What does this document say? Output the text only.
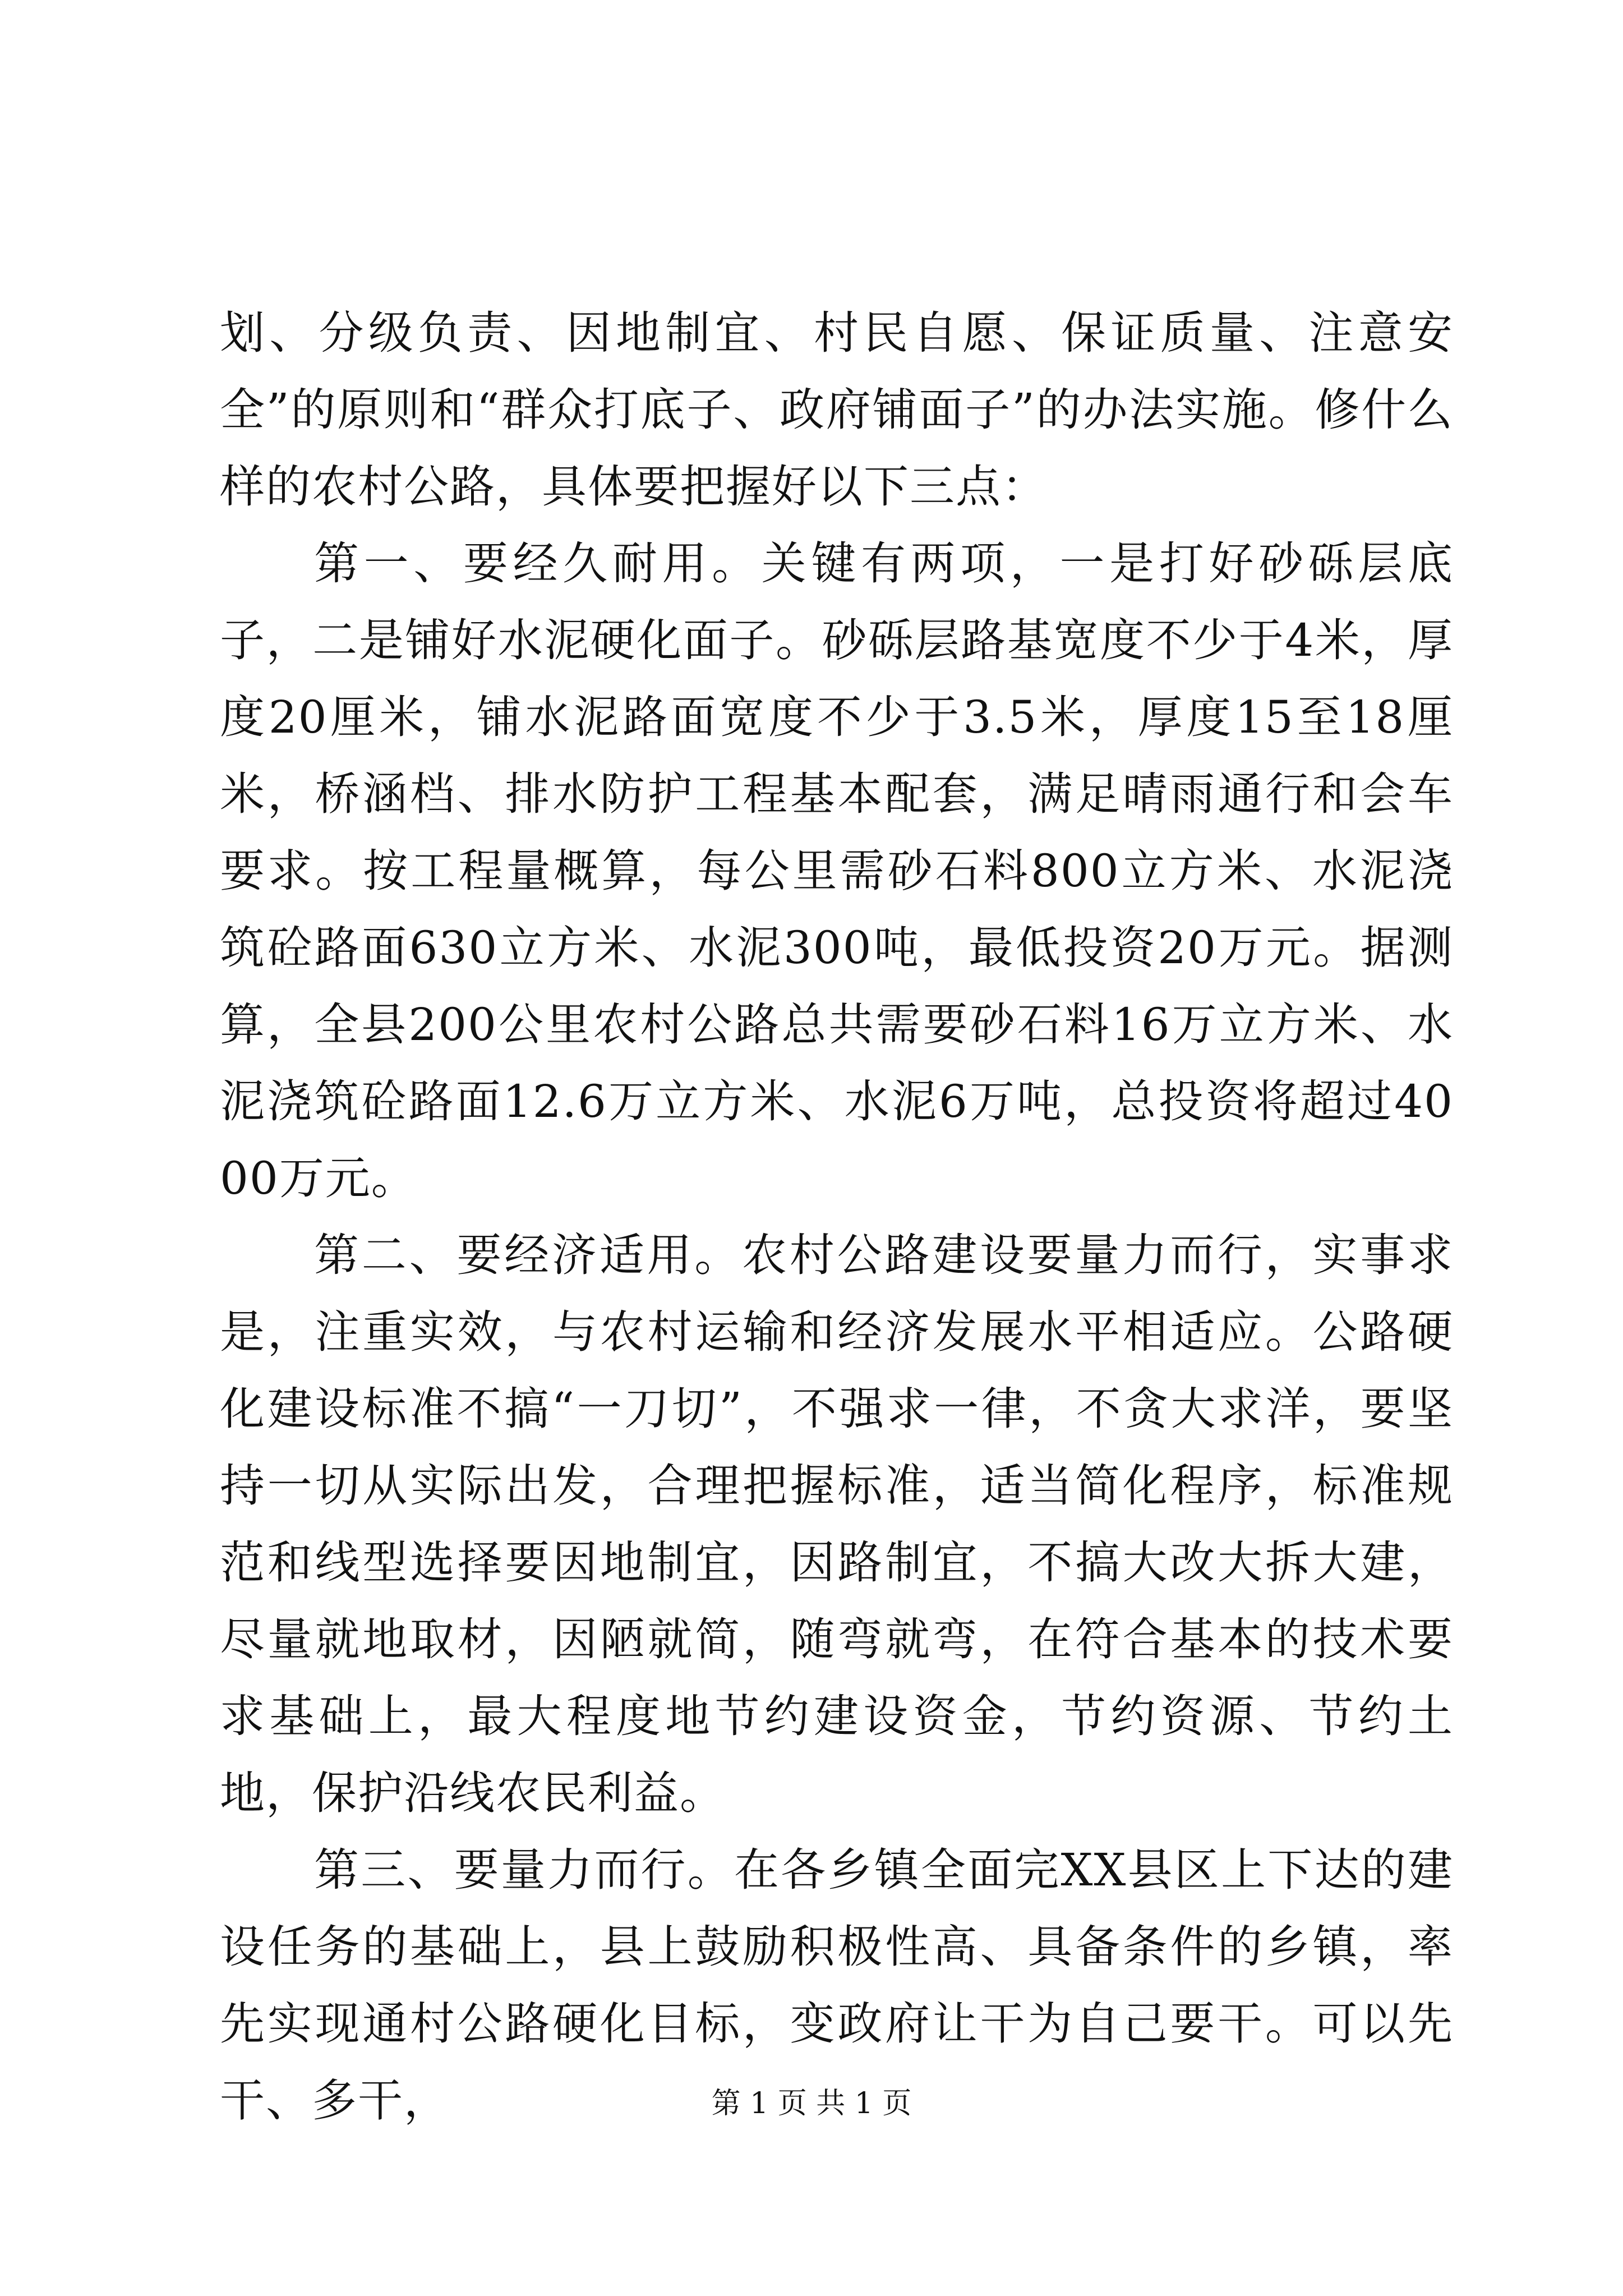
划、分级负责、因地制宜、村民自愿、保证质量、注意安全”的原则和“群众打底子、政府铺面子”的办法实施。修什么样的农村公路，具体要把握好以下三点：

第一、要经久耐用。关键有两项，一是打好砂砾层底子，二是铺好水泥硬化面子。砂砾层路基宽度不少于4米，厚度20厘米，铺水泥路面宽度不少于3.5米，厚度15至18厘米，桥涵档、排水防护工程基本配套，满足晴雨通行和会车要求。按工程量概算，每公里需砂石料800立方米、水泥浇筑砼路面630立方米、水泥300吨，最低投资20万元。据测算，全县200公里农村公路总共需要砂石料16万立方米、水泥浇筑砼路面12.6万立方米、水泥6万吨，总投资将超过4000万元。

第二、要经济适用。农村公路建设要量力而行，实事求是，注重实效，与农村运输和经济发展水平相适应。公路硬化建设标准不搞“一刀切”，不强求一律，不贪大求洋，要坚持一切从实际出发，合理把握标准，适当简化程序，标准规范和线型选择要因地制宜，因路制宜，不搞大改大拆大建，尽量就地取材，因陋就简，随弯就弯，在符合基本的技术要求基础上，最大程度地节约建设资金，节约资源、节约土地，保护沿线农民利益。

第三、要量力而行。在各乡镇全面完XX县区上下达的建设任务的基础上，县上鼓励积极性高、具备条件的乡镇，率先实现通村公路硬化目标，变政府让干为自己要干。可以先干、多干，	第 1 页 共 1 页
